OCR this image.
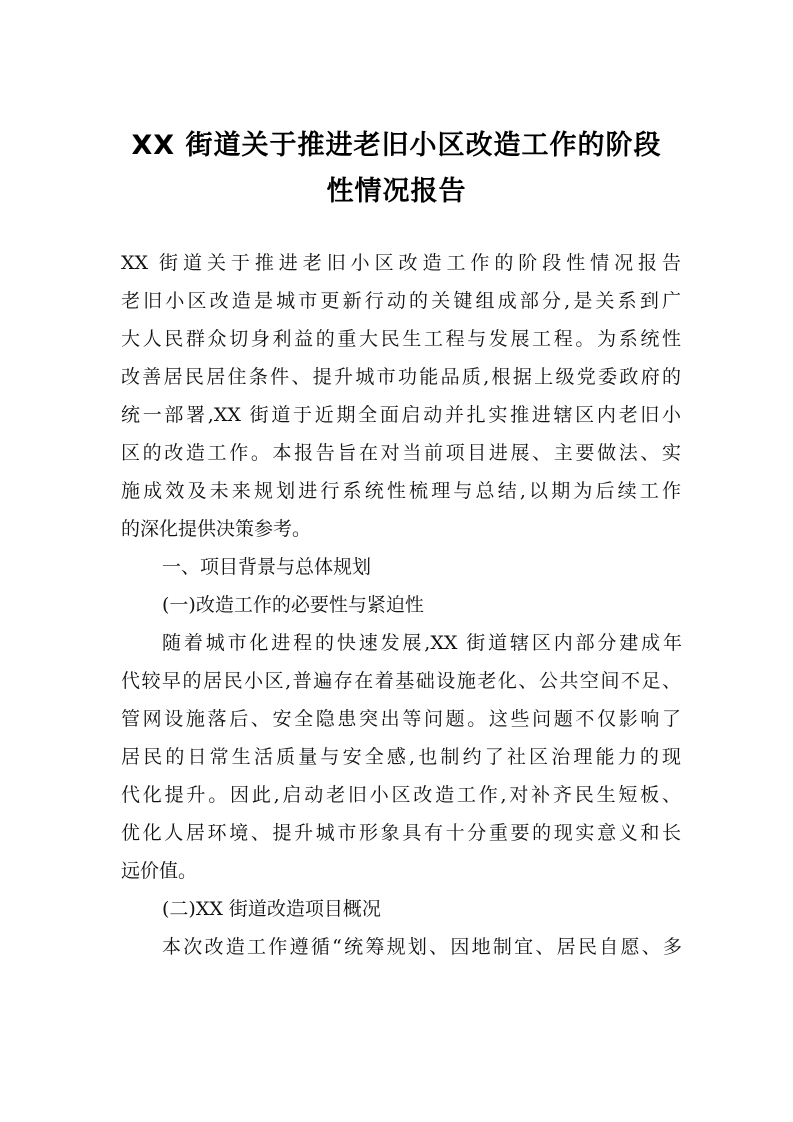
XX 街道关于推进老旧小区改造工作的阶段
性情况报告
XX 街道关于推进老旧小区改造工作的阶段性情况报告
老旧小区改造是城市更新行动的关键组成部分,是关系到广
大人民群众切身利益的重大民生工程与发展工程。为系统性
改善居民居住条件、提升城市功能品质,根据上级党委政府的
统一部署,XX 街道于近期全面启动并扎实推进辖区内老旧小
区的改造工作。本报告旨在对当前项目进展、主要做法、实
施成效及未来规划进行系统性梳理与总结,以期为后续工作
的深化提供决策参考。
一、项目背景与总体规划
(一)改造工作的必要性与紧迫性
随着城市化进程的快速发展,XX 街道辖区内部分建成年
代较早的居民小区,普遍存在着基础设施老化、公共空间不足、
管网设施落后、安全隐患突出等问题。这些问题不仅影响了
居民的日常生活质量与安全感,也制约了社区治理能力的现
代化提升。因此,启动老旧小区改造工作,对补齐民生短板、
优化人居环境、提升城市形象具有十分重要的现实意义和长
远价值。
(二)XX 街道改造项目概况
本次改造工作遵循“统筹规划、因地制宜、居民自愿、多
